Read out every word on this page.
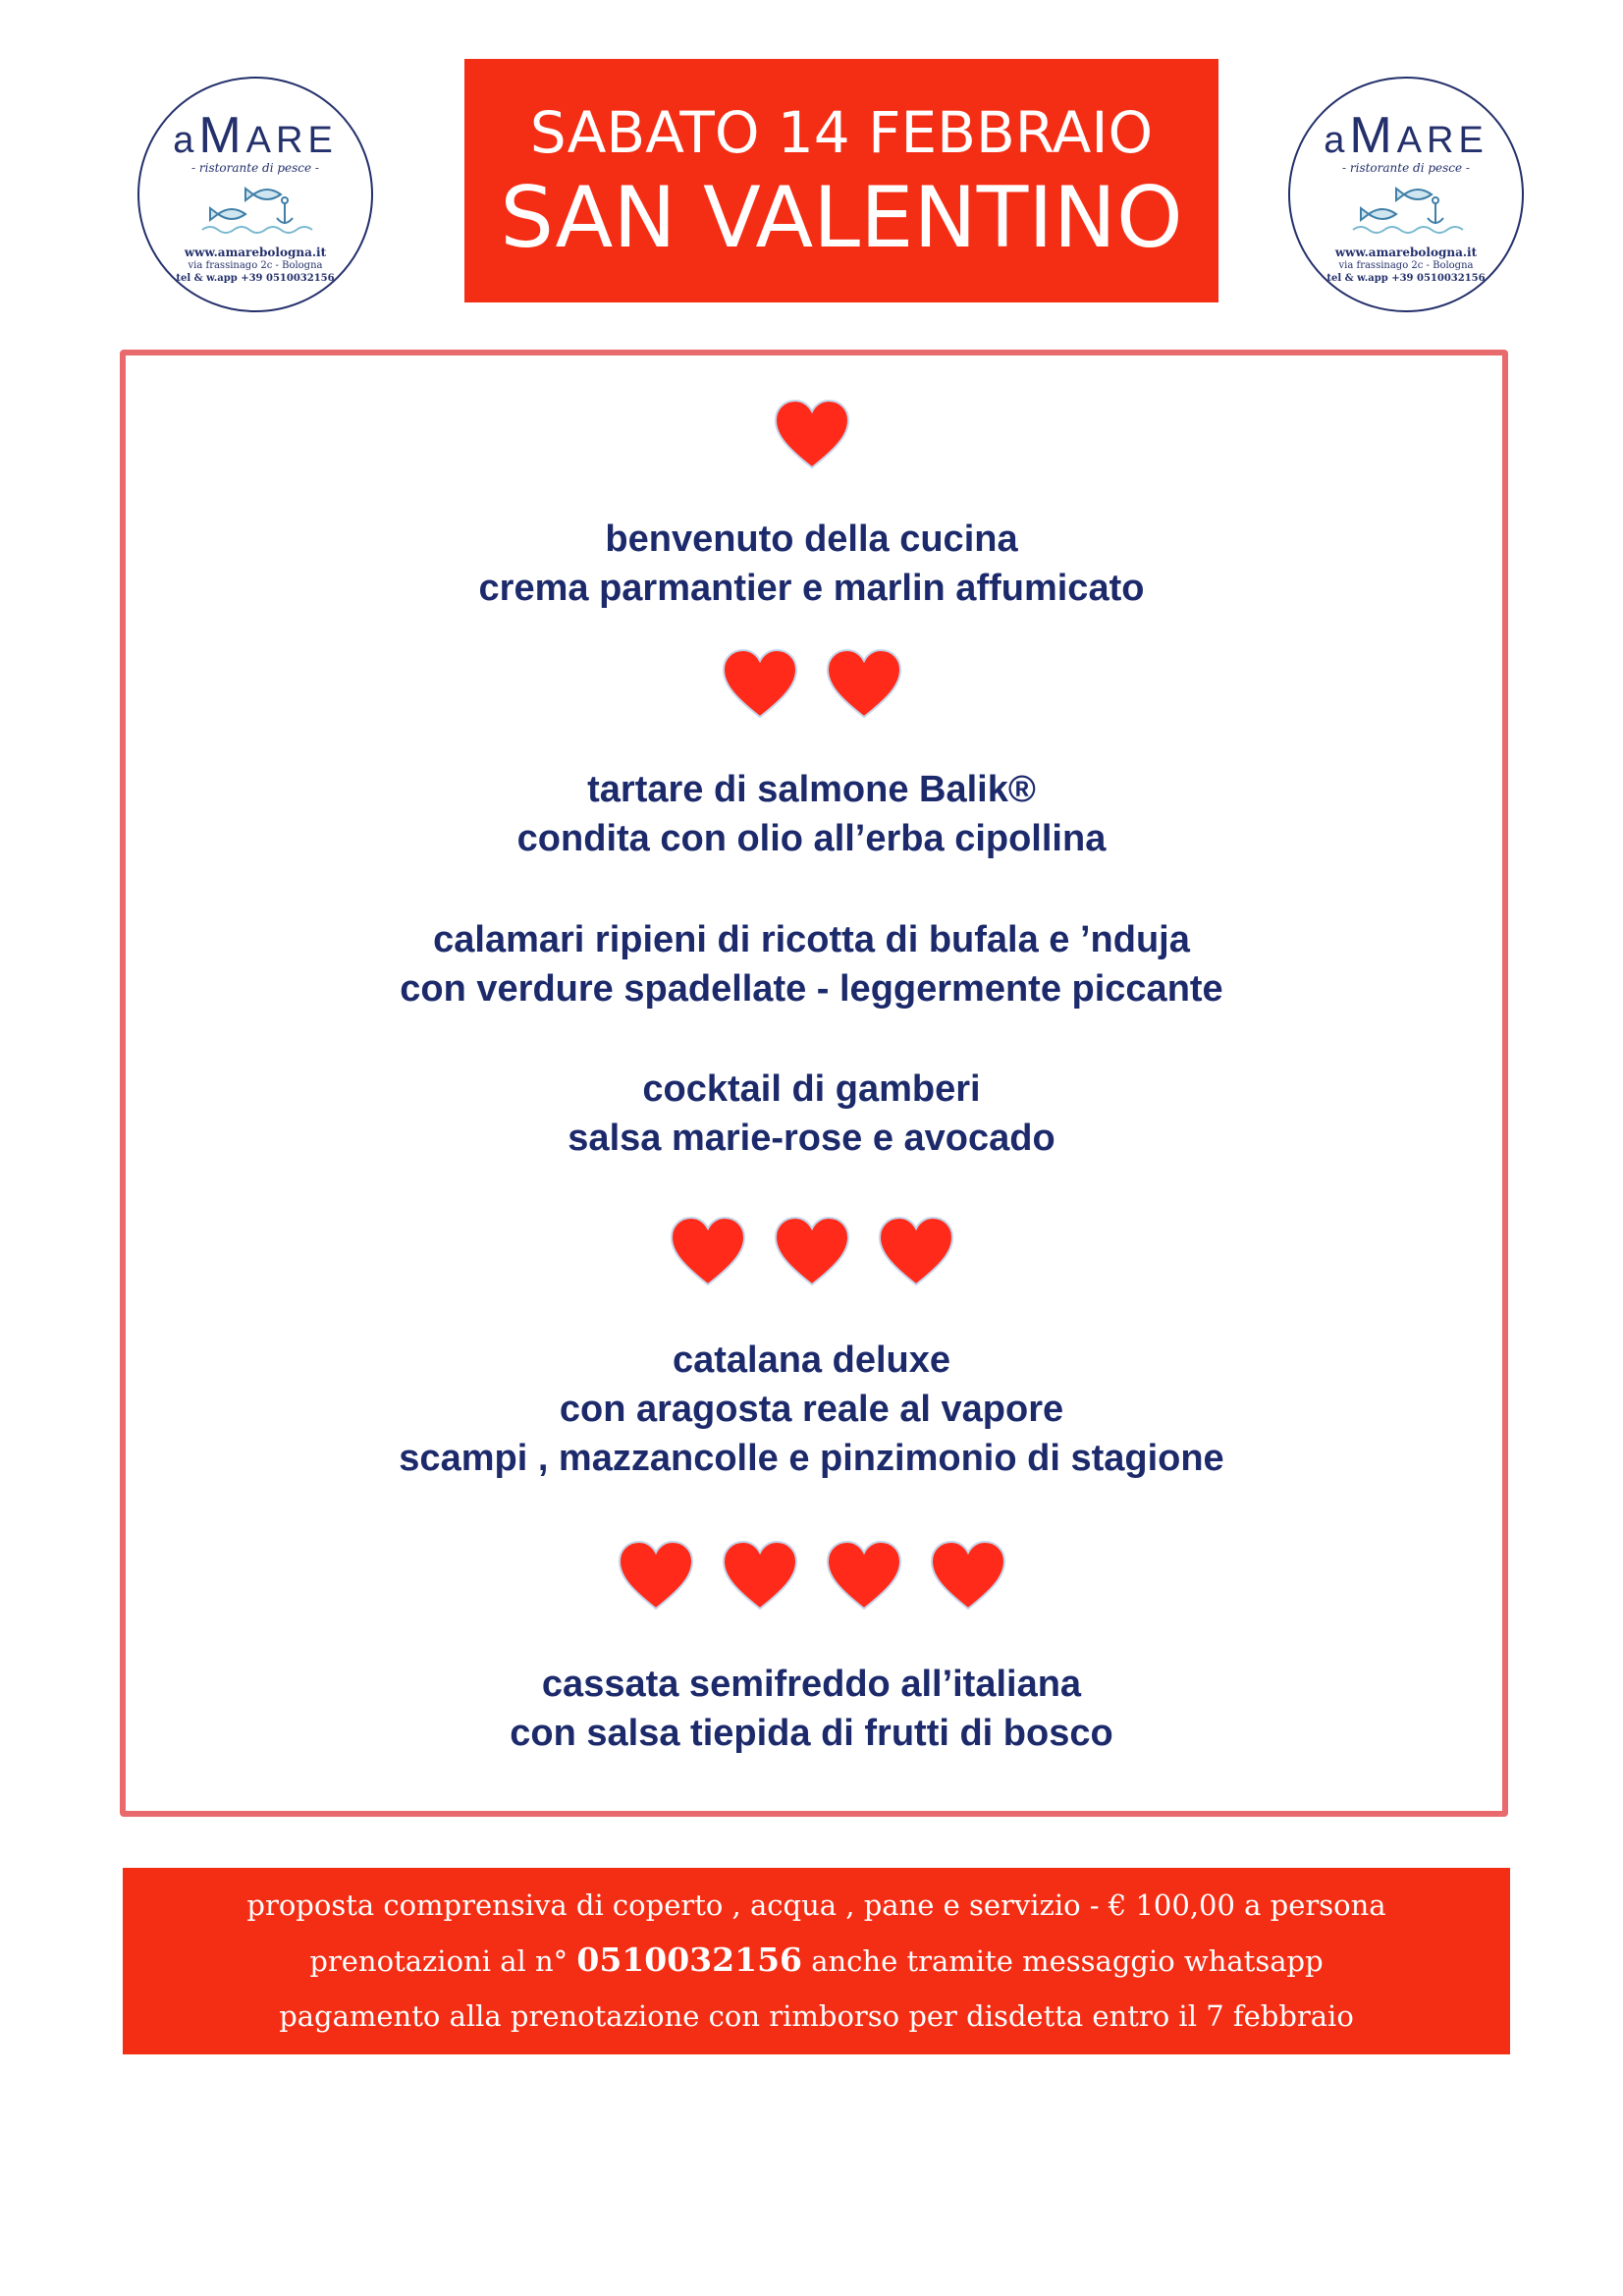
aMARE
- ristorante di pesce -
www.amarebologna.it
via frassinago 2c - Bologna
tel & w.app +39 0510032156
aMARE
- ristorante di pesce -
www.amarebologna.it
via frassinago 2c - Bologna
tel & w.app +39 0510032156
SABATO 14 FEBBRAIO
SAN VALENTINO
benvenuto della cucina
crema parmantier e marlin affumicato
tartare di salmone Balik®
condita con olio all’erba cipollina
calamari ripieni di ricotta di bufala e ’nduja
con verdure spadellate - leggermente piccante
cocktail di gamberi
salsa marie-rose e avocado
catalana deluxe
con aragosta reale al vapore
scampi , mazzancolle e pinzimonio di stagione
cassata semifreddo all’italiana
con salsa tiepida di frutti di bosco
proposta comprensiva di coperto , acqua , pane e servizio - € 100,00 a persona
prenotazioni al n° 0510032156 anche tramite messaggio whatsapp
pagamento alla prenotazione con rimborso per disdetta entro il 7 febbraio
